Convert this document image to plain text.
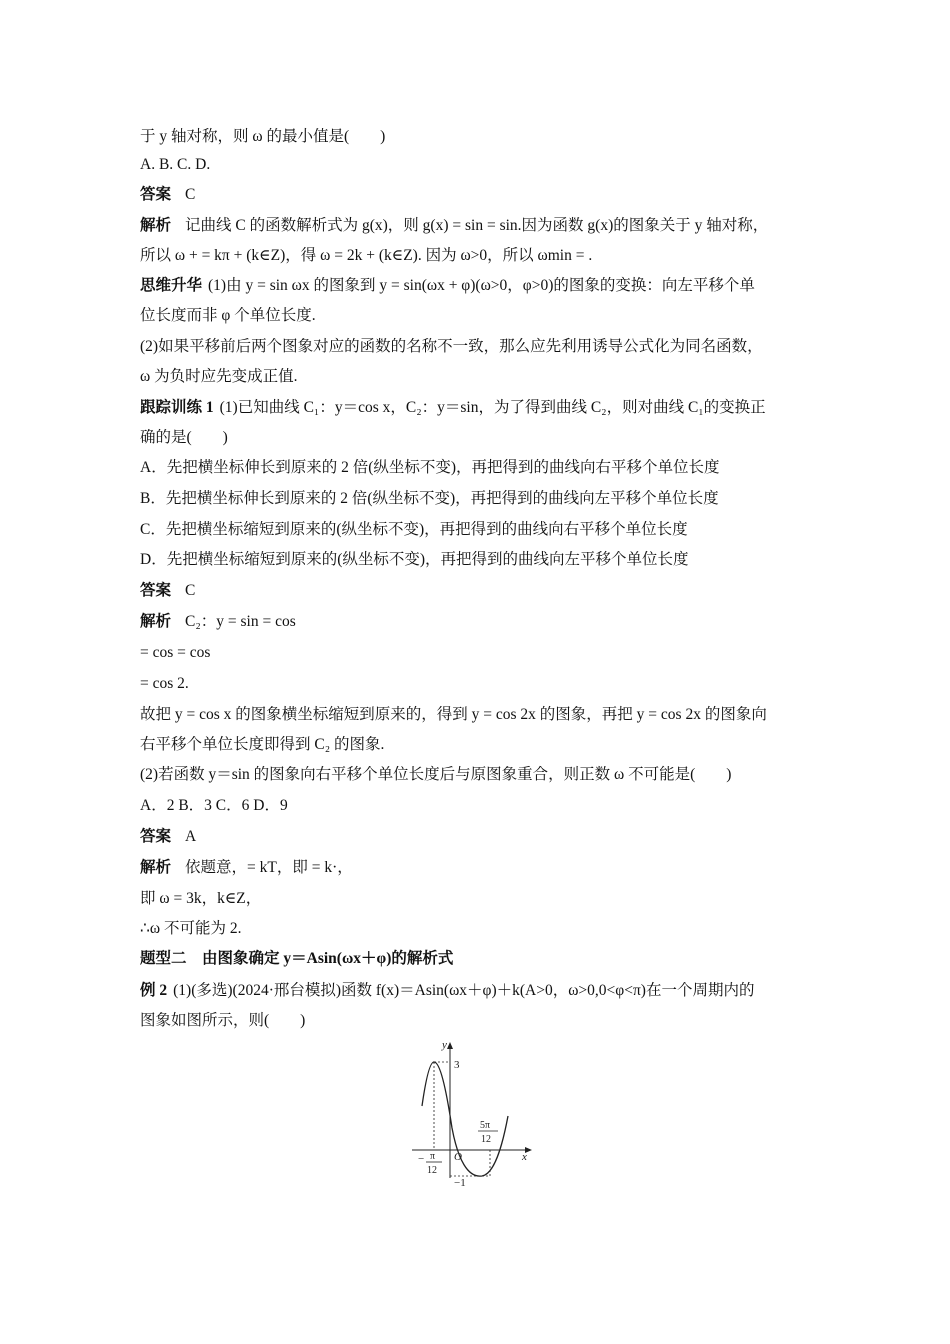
于 y 轴对称，则 ω 的最小值是(　　)
A. B. C. D.
答案 C
解析 记曲线 C 的函数解析式为 g(x)，则 g(x) = sin = sin.因为函数 g(x)的图象关于 y 轴对称，
所以 ω + = kπ + (k∈Z)，得 ω = 2k + (k∈Z). 因为 ω>0，所以 ωmin = .
思维升华 (1)由 y = sin ωx 的图象到 y = sin(ωx + φ)(ω>0，φ>0)的图象的变换：向左平移个单
位长度而非 φ 个单位长度.
(2)如果平移前后两个图象对应的函数的名称不一致，那么应先利用诱导公式化为同名函数，
ω 为负时应先变成正值.
跟踪训练 1 (1)已知曲线 C₁：y＝cos x，C₂：y＝sin，为了得到曲线 C₂，则对曲线 C₁的变换正
确的是(　　)
A．先把横坐标伸长到原来的 2 倍(纵坐标不变)，再把得到的曲线向右平移个单位长度
B．先把横坐标伸长到原来的 2 倍(纵坐标不变)，再把得到的曲线向左平移个单位长度
C．先把横坐标缩短到原来的(纵坐标不变)，再把得到的曲线向右平移个单位长度
D．先把横坐标缩短到原来的(纵坐标不变)，再把得到的曲线向左平移个单位长度
答案 C
解析 C₂：y = sin = cos
= cos = cos
= cos 2.
故把 y = cos x 的图象横坐标缩短到原来的，得到 y = cos 2x 的图象，再把 y = cos 2x 的图象向
右平移个单位长度即得到 C₂ 的图象.
(2)若函数 y＝sin 的图象向右平移个单位长度后与原图象重合，则正数 ω 不可能是(　　)
A．2 B．3 C．6 D．9
答案 A
解析 依题意，= kT，即 = k·，
即 ω = 3k，k∈Z，
∴ω 不可能为 2.
题型二　由图象确定 y＝Asin(ωx＋φ)的解析式
例 2 (1)(多选)(2024·邢台模拟)函数 f(x)＝Asin(ωx＋φ)＋k(A>0，ω>0,0<φ<π)在一个周期内的
图象如图所示，则(　　)
y
x
O
3
−1
− π
12
5π
12
